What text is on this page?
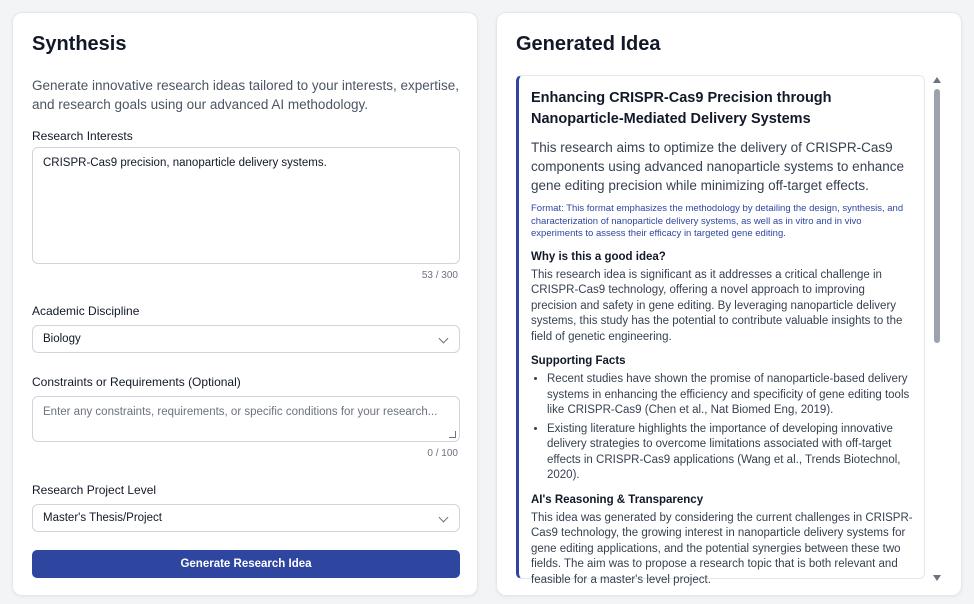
Synthesis
Generate innovative research ideas tailored to your interests, expertise, and research goals using our advanced AI methodology.
Research Interests
CRISPR-Cas9 precision, nanoparticle delivery systems.
53 / 300
Academic Discipline
Biology
Constraints or Requirements (Optional)
Enter any constraints, requirements, or specific conditions for your research...
0 / 100
Research Project Level
Master's Thesis/Project
Generate Research Idea
Generated Idea
Enhancing CRISPR-Cas9 Precision through Nanoparticle-Mediated Delivery Systems
This research aims to optimize the delivery of CRISPR-Cas9 components using advanced nanoparticle systems to enhance gene editing precision while minimizing off-target effects.
Format: This format emphasizes the methodology by detailing the design, synthesis, and characterization of nanoparticle delivery systems, as well as in vitro and in vivo experiments to assess their efficacy in targeted gene editing.
Why is this a good idea?
This research idea is significant as it addresses a critical challenge in CRISPR-Cas9 technology, offering a novel approach to improving precision and safety in gene editing. By leveraging nanoparticle delivery systems, this study has the potential to contribute valuable insights to the field of genetic engineering.
Supporting Facts
• Recent studies have shown the promise of nanoparticle-based delivery systems in enhancing the efficiency and specificity of gene editing tools like CRISPR-Cas9 (Chen et al., Nat Biomed Eng, 2019).
• Existing literature highlights the importance of developing innovative delivery strategies to overcome limitations associated with off-target effects in CRISPR-Cas9 applications (Wang et al., Trends Biotechnol, 2020).
AI's Reasoning & Transparency
This idea was generated by considering the current challenges in CRISPR-Cas9 technology, the growing interest in nanoparticle delivery systems for gene editing applications, and the potential synergies between these two fields. The aim was to propose a research topic that is both relevant and feasible for a master's level project.
